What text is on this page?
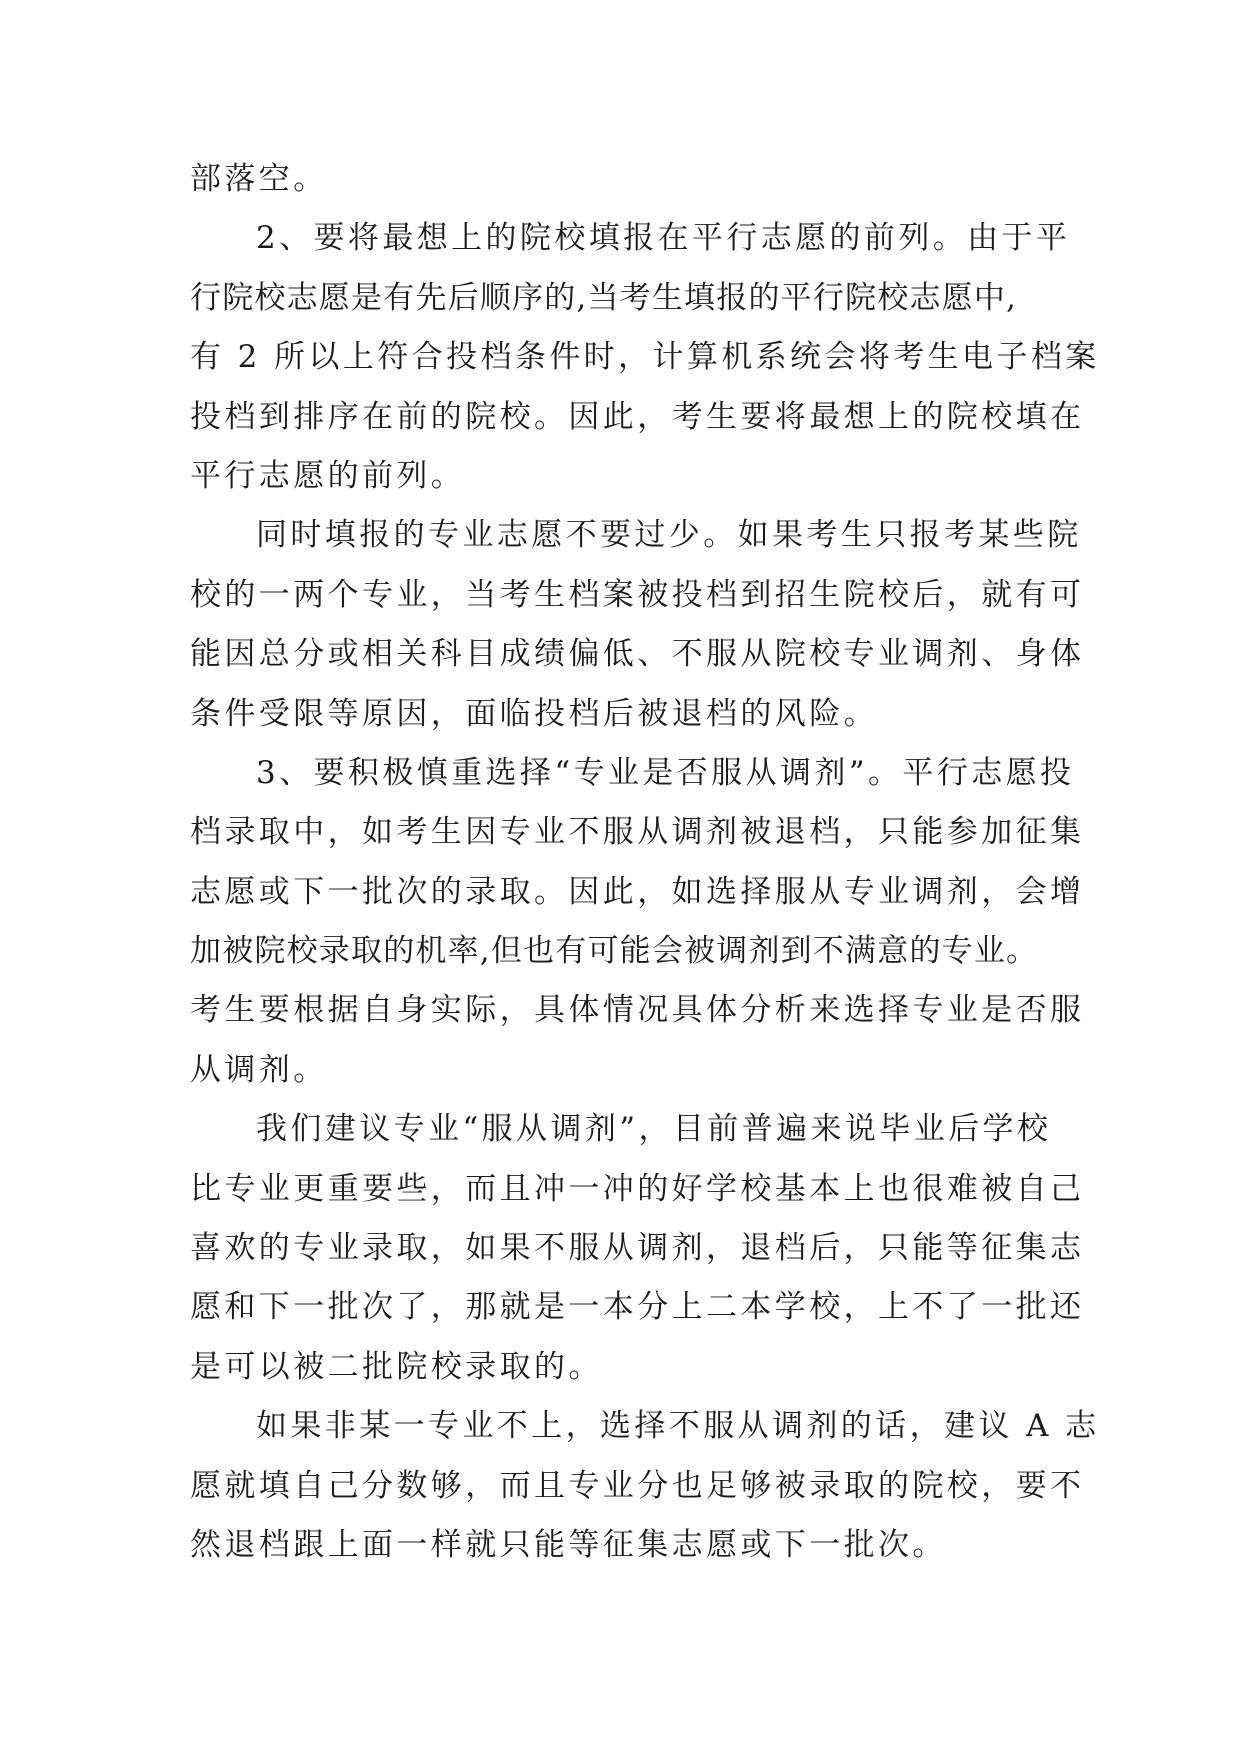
部落空。
2、要将最想上的院校填报在平行志愿的前列。由于平
行院校志愿是有先后顺序的,当考生填报的平行院校志愿中,
有 2 所以上符合投档条件时，计算机系统会将考生电子档案
投档到排序在前的院校。因此，考生要将最想上的院校填在
平行志愿的前列。
同时填报的专业志愿不要过少。如果考生只报考某些院
校的一两个专业，当考生档案被投档到招生院校后，就有可
能因总分或相关科目成绩偏低、不服从院校专业调剂、身体
条件受限等原因，面临投档后被退档的风险。
3、要积极慎重选择“专业是否服从调剂”。平行志愿投
档录取中，如考生因专业不服从调剂被退档，只能参加征集
志愿或下一批次的录取。因此，如选择服从专业调剂，会增
加被院校录取的机率,但也有可能会被调剂到不满意的专业。
考生要根据自身实际，具体情况具体分析来选择专业是否服
从调剂。
我们建议专业“服从调剂”，目前普遍来说毕业后学校
比专业更重要些，而且冲一冲的好学校基本上也很难被自己
喜欢的专业录取，如果不服从调剂，退档后，只能等征集志
愿和下一批次了，那就是一本分上二本学校，上不了一批还
是可以被二批院校录取的。
如果非某一专业不上，选择不服从调剂的话，建议 A 志
愿就填自己分数够，而且专业分也足够被录取的院校，要不
然退档跟上面一样就只能等征集志愿或下一批次。
